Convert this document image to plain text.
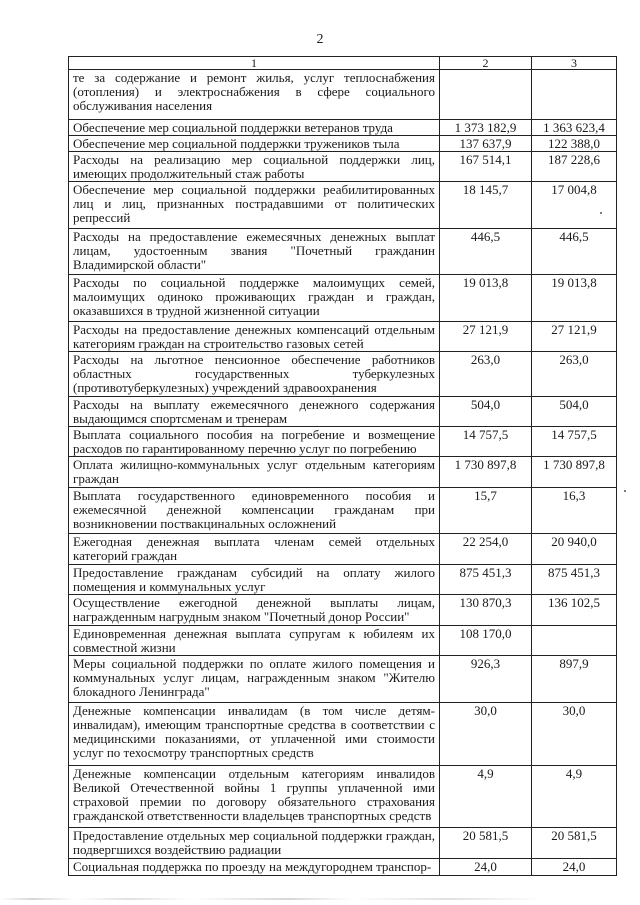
2
1	2	3
те за содержание и ремонт жилья, услуг теплоснабжения (отопления) и электроснабжения в сфере социального обслуживания населения		
Обеспечение мер социальной поддержки ветеранов труда	1 373 182,9	1 363 623,4
Обеспечение мер социальной поддержки тружеников тыла	137 637,9	122 388,0
Расходы на реализацию мер социальной поддержки лиц, имеющих продолжительный стаж работы	167 514,1	187 228,6
Обеспечение мер социальной поддержки реабилитированных лиц и лиц, признанных пострадавшими от политических репрессий	18 145,7	17 004,8
Расходы на предоставление ежемесячных денежных выплат лицам, удостоенным звания "Почетный гражданин Владимирской области"	446,5	446,5
Расходы по социальной поддержке малоимущих семей, малоимущих одиноко проживающих граждан и граждан, оказавшихся в трудной жизненной ситуации	19 013,8	19 013,8
Расходы на предоставление денежных компенсаций отдельным категориям граждан на строительство газовых сетей	27 121,9	27 121,9
Расходы на льготное пенсионное обеспечение работников областных государственных туберкулезных (противотуберкулезных) учреждений здравоохранения	263,0	263,0
Расходы на выплату ежемесячного денежного содержания выдающимся спортсменам и тренерам	504,0	504,0
Выплата социального пособия на погребение и возмещение расходов по гарантированному перечню услуг по погребению	14 757,5	14 757,5
Оплата жилищно-коммунальных услуг отдельным категориям граждан	1 730 897,8	1 730 897,8
Выплата государственного единовременного пособия и ежемесячной денежной компенсации гражданам при возникновении поствакцинальных осложнений	15,7	16,3
Ежегодная денежная выплата членам семей отдельных категорий граждан	22 254,0	20 940,0
Предоставление гражданам субсидий на оплату жилого помещения и коммунальных услуг	875 451,3	875 451,3
Осуществление ежегодной денежной выплаты лицам, награжденным нагрудным знаком "Почетный донор России"	130 870,3	136 102,5
Единовременная денежная выплата супругам к юбилеям их совместной жизни	108 170,0	
Меры социальной поддержки по оплате жилого помещения и коммунальных услуг лицам, награжденным знаком "Жителю блокадного Ленинграда"	926,3	897,9
Денежные компенсации инвалидам (в том числе детям-инвалидам), имеющим транспортные средства в соответствии с медицинскими показаниями, от уплаченной ими стоимости услуг по техосмотру транспортных средств	30,0	30,0
Денежные компенсации отдельным категориям инвалидов Великой Отечественной войны 1 группы уплаченной ими страховой премии по договору обязательного страхования гражданской ответственности владельцев транспортных средств	4,9	4,9
Предоставление отдельных мер социальной поддержки граждан, подвергшихся воздействию радиации	20 581,5	20 581,5
Социальная поддержка по проезду на междугороднем транспор-	24,0	24,0
